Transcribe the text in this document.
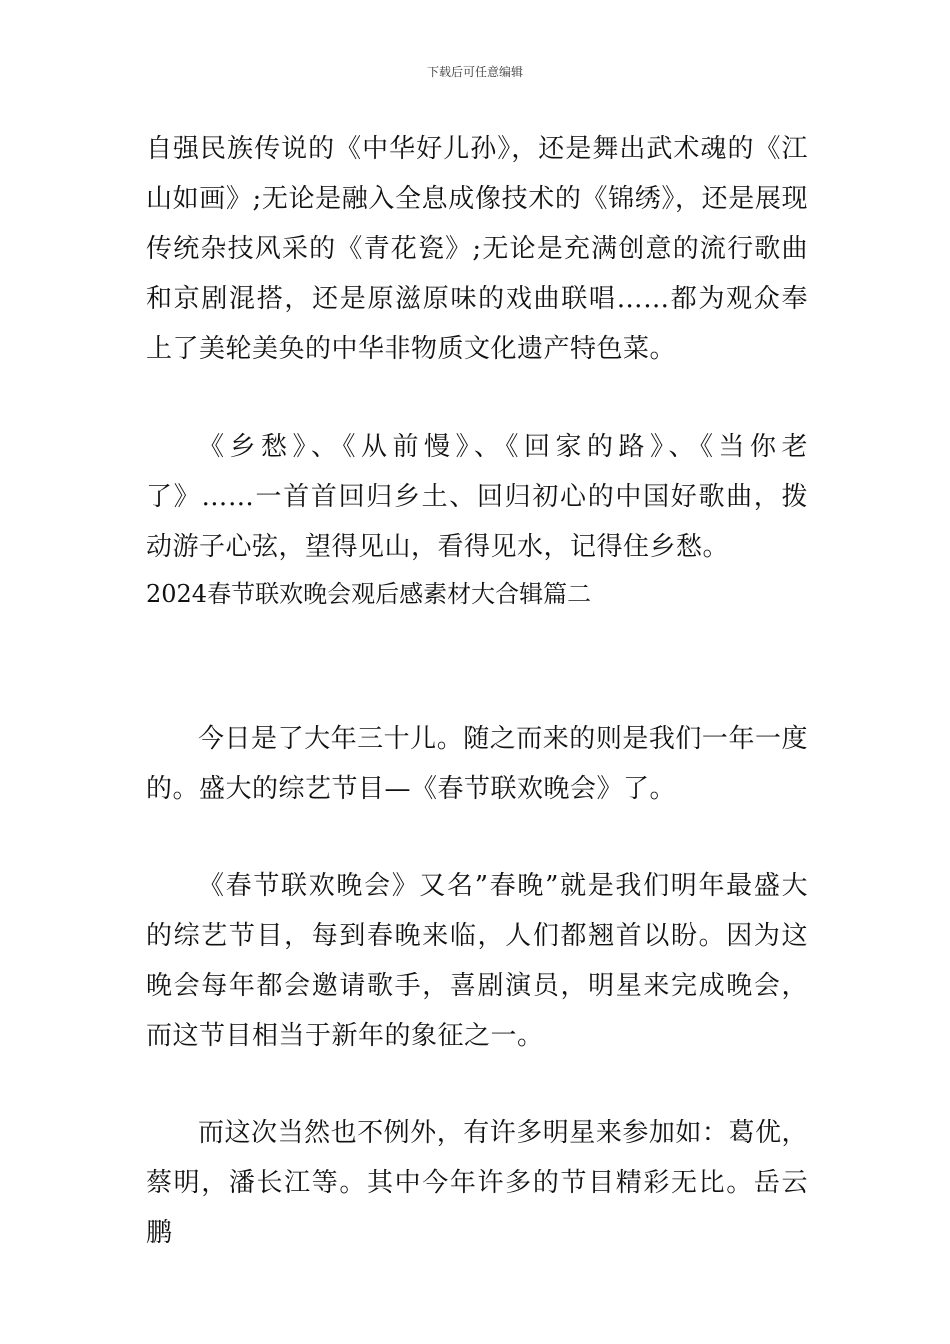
下载后可任意编辑

自强民族传说的《中华好儿孙》，还是舞出武术魂的《江山如画》;无论是融入全息成像技术的《锦绣》，还是展现传统杂技风采的《青花瓷》;无论是充满创意的流行歌曲和京剧混搭，还是原滋原味的戏曲联唱……都为观众奉上了美轮美奂的中华非物质文化遗产特色菜。

《乡愁》、《从前慢》、《回家的路》、《当你老了》……一首首回归乡土、回归初心的中国好歌曲，拨动游子心弦，望得见山，看得见水，记得住乡愁。

2024春节联欢晚会观后感素材大合辑篇二

今日是了大年三十儿。随之而来的则是我们一年一度的。盛大的综艺节目—《春节联欢晚会》了。

《春节联欢晚会》又名”春晚”就是我们明年最盛大的综艺节目，每到春晚来临，人们都翘首以盼。因为这晚会每年都会邀请歌手，喜剧演员，明星来完成晚会，而这节目相当于新年的象征之一。

而这次当然也不例外，有许多明星来参加如：葛优，蔡明，潘长江等。其中今年许多的节目精彩无比。岳云鹏
